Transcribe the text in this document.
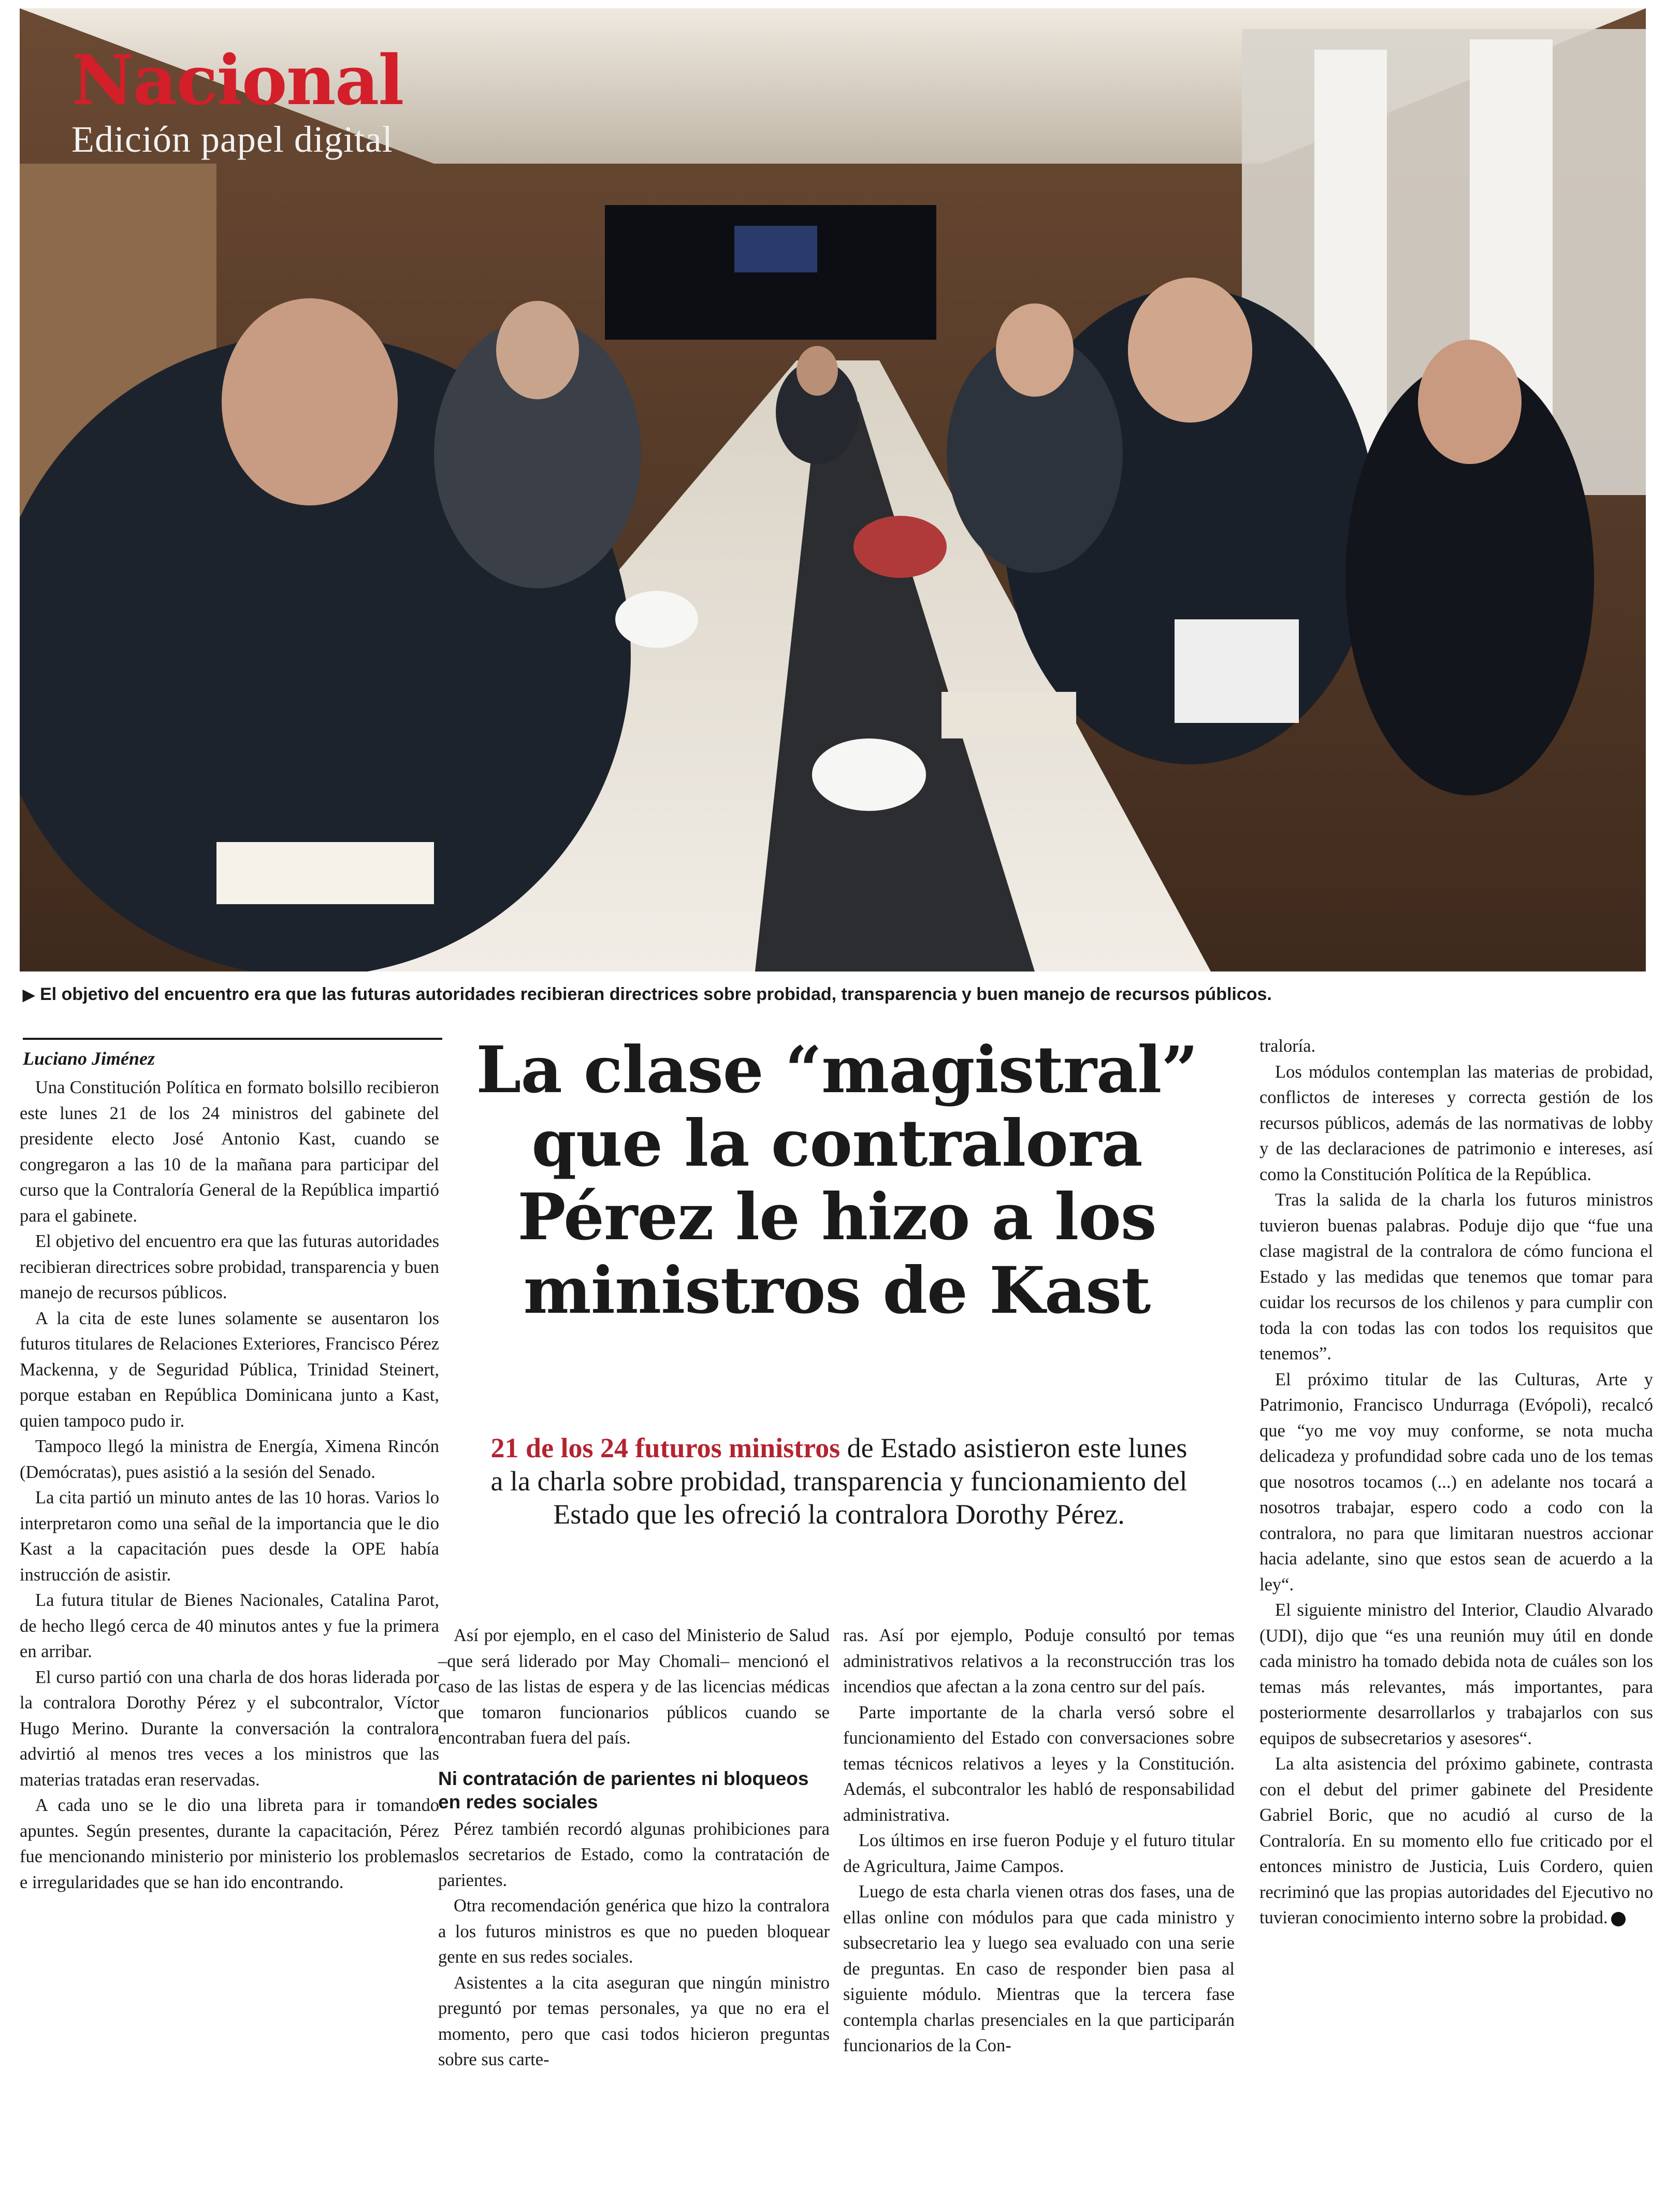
Nacional
Edición papel digital
▶ El objetivo del encuentro era que las futuras autoridades recibieran directrices sobre probidad, transparencia y buen manejo de recursos públicos.
Luciano Jiménez	La clase “magistral” que la contralora Pérez le hizo a los ministros de Kast
21 de los 24 futuros ministros de Estado asistieron este lunes a la charla sobre probidad, transparencia y funcionamiento del Estado que les ofreció la contralora Dorothy Pérez.

Una Constitución Política en formato bolsillo recibieron este lunes 21 de los 24 ministros del gabinete del presidente electo José Antonio Kast, cuando se congregaron a las 10 de la mañana para participar del curso que la Contraloría General de la República impartió para el gabinete.

El objetivo del encuentro era que las futuras autoridades recibieran directrices sobre probidad, transparencia y buen manejo de recursos públicos.

A la cita de este lunes solamente se ausentaron los futuros titulares de Relaciones Exteriores, Francisco Pérez Mackenna, y de Seguridad Pública, Trinidad Steinert, porque estaban en República Dominicana junto a Kast, quien tampoco pudo ir.

Tampoco llegó la ministra de Energía, Ximena Rincón (Demócratas), pues asistió a la sesión del Senado.

La cita partió un minuto antes de las 10 horas. Varios lo interpretaron como una señal de la importancia que le dio Kast a la capacitación pues desde la OPE había instrucción de asistir.

La futura titular de Bienes Nacionales, Catalina Parot, de hecho llegó cerca de 40 minutos antes y fue la primera en arribar.

El curso partió con una charla de dos horas liderada por la contralora Dorothy Pérez y el subcontralor, Víctor Hugo Merino. Durante la conversación la contralora advirtió al menos tres veces a los ministros que las materias tratadas eran reservadas.

A cada uno se le dio una libreta para ir tomando apuntes. Según presentes, durante la capacitación, Pérez fue mencionando ministerio por ministerio los problemas e irregularidades que se han ido encontrando.

Así por ejemplo, en el caso del Ministerio de Salud –que será liderado por May Chomali– mencionó el caso de las listas de espera y de las licencias médicas que tomaron funcionarios públicos cuando se encontraban fuera del país.

Ni contratación de parientes ni bloqueos en redes sociales

Pérez también recordó algunas prohibiciones para los secretarios de Estado, como la contratación de parientes.

Otra recomendación genérica que hizo la contralora a los futuros ministros es que no pueden bloquear gente en sus redes sociales.

Asistentes a la cita aseguran que ningún ministro preguntó por temas personales, ya que no era el momento, pero que casi todos hicieron preguntas sobre sus carte-

ras. Así por ejemplo, Poduje consultó por temas administrativos relativos a la reconstrucción tras los incendios que afectan a la zona centro sur del país.

Parte importante de la charla versó sobre el funcionamiento del Estado con conversaciones sobre temas técnicos relativos a leyes y la Constitución. Además, el subcontralor les habló de responsabilidad administrativa.

Los últimos en irse fueron Poduje y el futuro titular de Agricultura, Jaime Campos.

Luego de esta charla vienen otras dos fases, una de ellas online con módulos para que cada ministro y subsecretario lea y luego sea evaluado con una serie de preguntas. En caso de responder bien pasa al siguiente módulo. Mientras que la tercera fase contempla charlas presenciales en la que participarán funcionarios de la Con-

traloría.

Los módulos contemplan las materias de probidad, conflictos de intereses y correcta gestión de los recursos públicos, además de las normativas de lobby y de las declaraciones de patrimonio e intereses, así como la Constitución Política de la República.

Tras la salida de la charla los futuros ministros tuvieron buenas palabras. Poduje dijo que “fue una clase magistral de la contralora de cómo funciona el Estado y las medidas que tenemos que tomar para cuidar los recursos de los chilenos y para cumplir con toda la con todas las con todos los requisitos que tenemos”.

El próximo titular de las Culturas, Arte y Patrimonio, Francisco Undurraga (Evópoli), recalcó que “yo me voy muy conforme, se nota mucha delicadeza y profundidad sobre cada uno de los temas que nosotros tocamos (...) en adelante nos tocará a nosotros trabajar, espero codo a codo con la contralora, no para que limitaran nuestros accionar hacia adelante, sino que estos sean de acuerdo a la ley“.

El siguiente ministro del Interior, Claudio Alvarado (UDI), dijo que “es una reunión muy útil en donde cada ministro ha tomado debida nota de cuáles son los temas más relevantes, más importantes, para posteriormente desarrollarlos y trabajarlos con sus equipos de subsecretarios y asesores“.

La alta asistencia del próximo gabinete, contrasta con el debut del primer gabinete del Presidente Gabriel Boric, que no acudió al curso de la Contraloría. En su momento ello fue criticado por el entonces ministro de Justicia, Luis Cordero, quien recriminó que las propias autoridades del Ejecutivo no tuvieran conocimiento interno sobre la probidad.
